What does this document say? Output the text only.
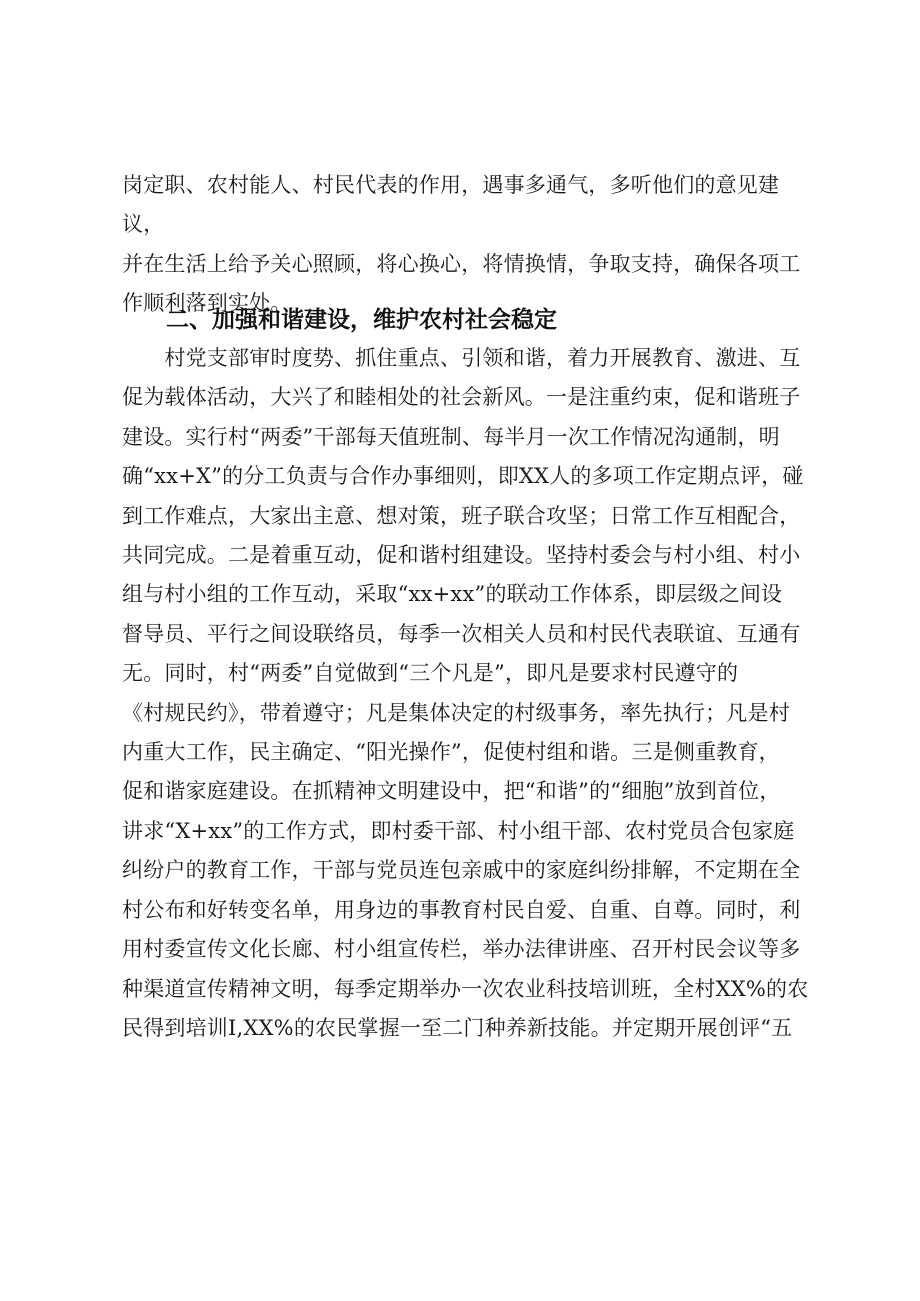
岗定职、农村能人、村民代表的作用，遇事多通气，多听他们的意见建议，
并在生活上给予关心照顾，将心换心，将情换情，争取支持，确保各项工
作顺利落到实处。

二、加强和谐建设，维护农村社会稳定

　　村党支部审时度势、抓住重点、引领和谐，着力开展教育、激进、互
促为载体活动，大兴了和睦相处的社会新风。一是注重约束，促和谐班子
建设。实行村“两委”干部每天值班制、每半月一次工作情况沟通制，明
确“xx+X”的分工负责与合作办事细则，即XX人的多项工作定期点评，碰
到工作难点，大家出主意、想对策，班子联合攻坚；日常工作互相配合，
共同完成。二是着重互动，促和谐村组建设。坚持村委会与村小组、村小
组与村小组的工作互动，采取“xx+xx”的联动工作体系，即层级之间设
督导员、平行之间设联络员，每季一次相关人员和村民代表联谊、互通有
无。同时，村“两委”自觉做到“三个凡是”，即凡是要求村民遵守的
《村规民约》，带着遵守；凡是集体决定的村级事务，率先执行；凡是村
内重大工作，民主确定、“阳光操作”，促使村组和谐。三是侧重教育，
促和谐家庭建设。在抓精神文明建设中，把“和谐”的“细胞”放到首位，
讲求“X+xx”的工作方式，即村委干部、村小组干部、农村党员合包家庭
纠纷户的教育工作，干部与党员连包亲戚中的家庭纠纷排解，不定期在全
村公布和好转变名单，用身边的事教育村民自爱、自重、自尊。同时，利
用村委宣传文化长廊、村小组宣传栏，举办法律讲座、召开村民会议等多
种渠道宣传精神文明，每季定期举办一次农业科技培训班，全村XX%的农
民得到培训I,XX%的农民掌握一至二门种养新技能。并定期开展创评“五
